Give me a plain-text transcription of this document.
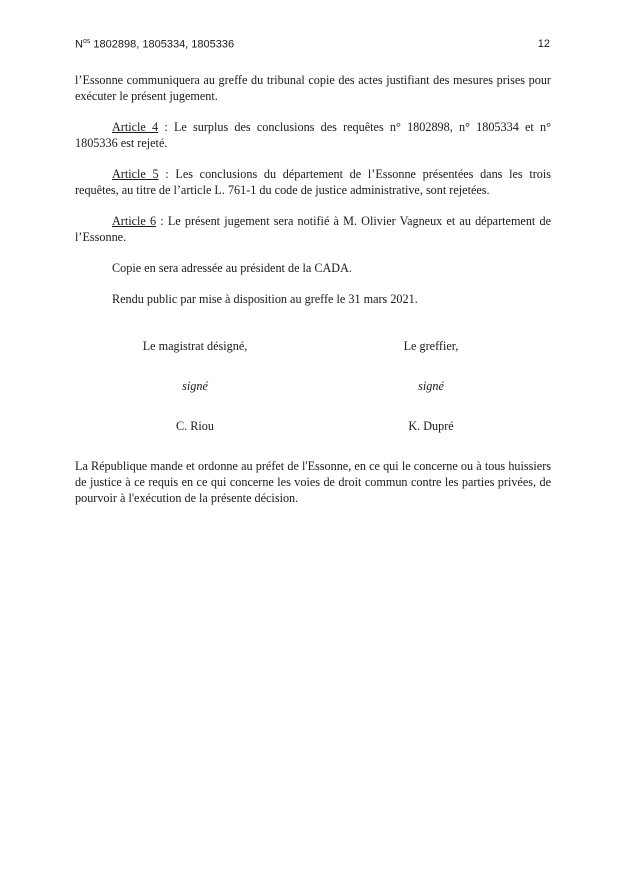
$N^{os}$ 1802898, 1805334, 1805336	12

l’Essonne communiquera au greffe du tribunal copie des actes justifiant des mesures prises pour exécuter le présent jugement.

Article 4 : Le surplus des conclusions des requêtes n° 1802898, n° 1805334 et n° 1805336 est rejeté.

Article 5 : Les conclusions du département de l’Essonne présentées dans les trois requêtes, au titre de l’article L. 761-1 du code de justice administrative, sont rejetées.

Article 6 : Le présent jugement sera notifié à M. Olivier Vagneux et au département de l’Essonne.

Copie en sera adressée au président de la CADA.

Rendu public par mise à disposition au greffe le 31 mars 2021.

Le magistrat désigné,	Le greffier,
signé	signé
C. Riou	K. Dupré

La République mande et ordonne au préfet de l'Essonne, en ce qui le concerne ou à tous huissiers de justice à ce requis en ce qui concerne les voies de droit commun contre les parties privées, de pourvoir à l'exécution de la présente décision.
